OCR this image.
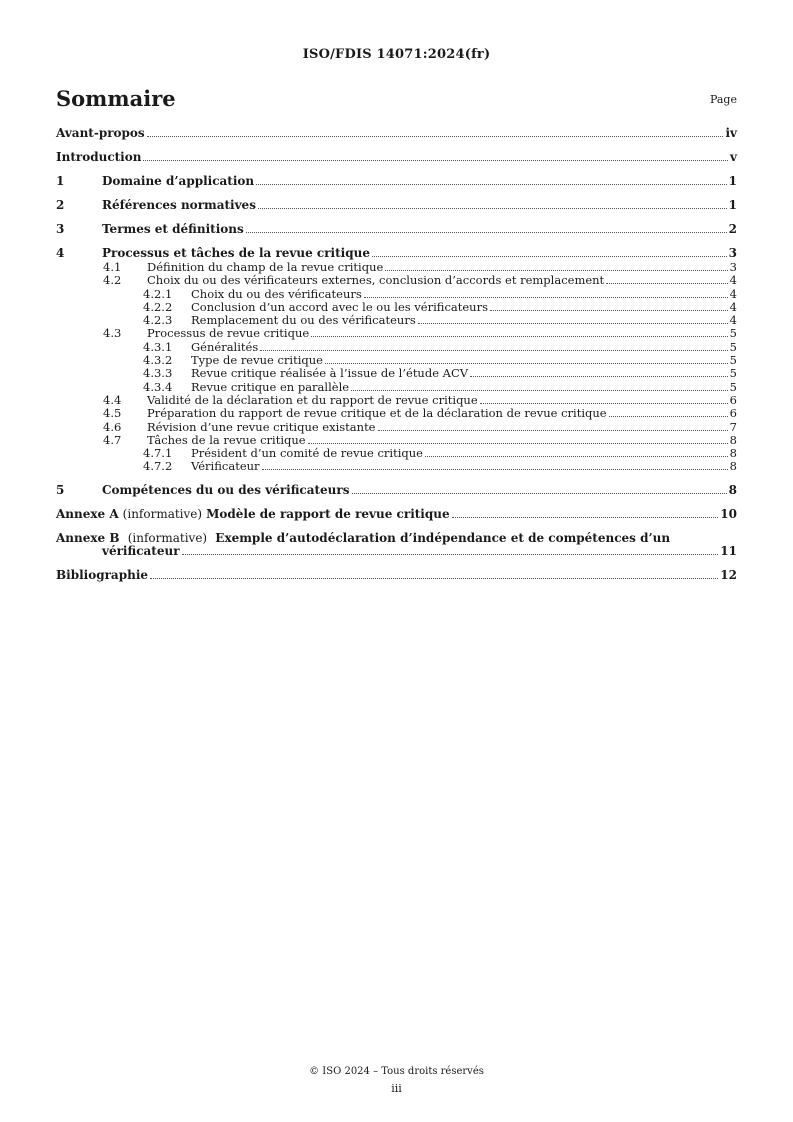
ISO/FDIS 14071:2024(fr)
Sommaire	Page
Avant-propos	iv
Introduction	v
1	Domaine d’application	1
2	Références normatives	1
3	Termes et définitions	2
4	Processus et tâches de la revue critique	3
4.1	Définition du champ de la revue critique	3
4.2	Choix du ou des vérificateurs externes, conclusion d’accords et remplacement	4
4.2.1	Choix du ou des vérificateurs	4
4.2.2	Conclusion d’un accord avec le ou les vérificateurs	4
4.2.3	Remplacement du ou des vérificateurs	4
4.3	Processus de revue critique	5
4.3.1	Généralités	5
4.3.2	Type de revue critique	5
4.3.3	Revue critique réalisée à l’issue de l’étude ACV	5
4.3.4	Revue critique en parallèle	5
4.4	Validité de la déclaration et du rapport de revue critique	6
4.5	Préparation du rapport de revue critique et de la déclaration de revue critique	6
4.6	Révision d’une revue critique existante	7
4.7	Tâches de la revue critique	8
4.7.1	Président d’un comité de revue critique	8
4.7.2	Vérificateur	8
5	Compétences du ou des vérificateurs	8
Annexe A (informative) Modèle de rapport de revue critique	10
Annexe B (informative) Exemple d’autodéclaration d’indépendance et de compétences d’un
vérificateur	11
Bibliographie	12
© ISO 2024 – Tous droits réservés
iii
